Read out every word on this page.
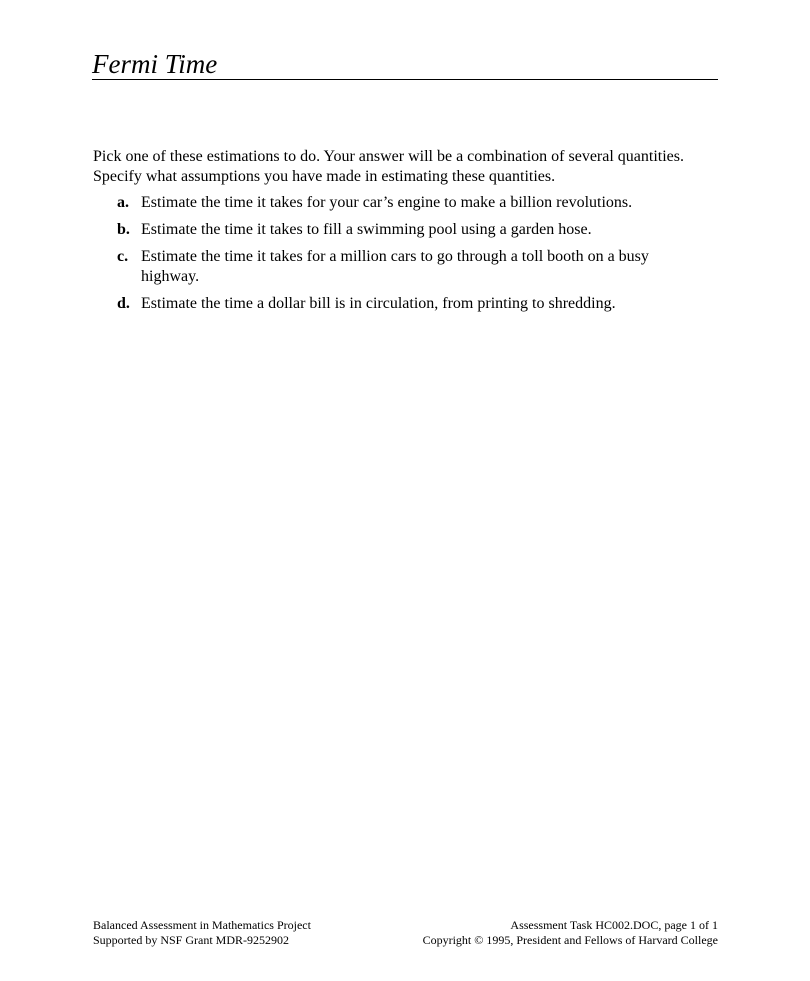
Fermi Time

Pick one of these estimations to do. Your answer will be a combination of several quantities. Specify what assumptions you have made in estimating these quantities.

a. Estimate the time it takes for your car’s engine to make a billion revolutions.
b. Estimate the time it takes to fill a swimming pool using a garden hose.
c. Estimate the time it takes for a million cars to go through a toll booth on a busy highway.
d. Estimate the time a dollar bill is in circulation, from printing to shredding.
Balanced Assessment in Mathematics Project
Supported by NSF Grant MDR-9252902
Assessment Task HC002.DOC, page 1 of 1
Copyright © 1995, President and Fellows of Harvard College
